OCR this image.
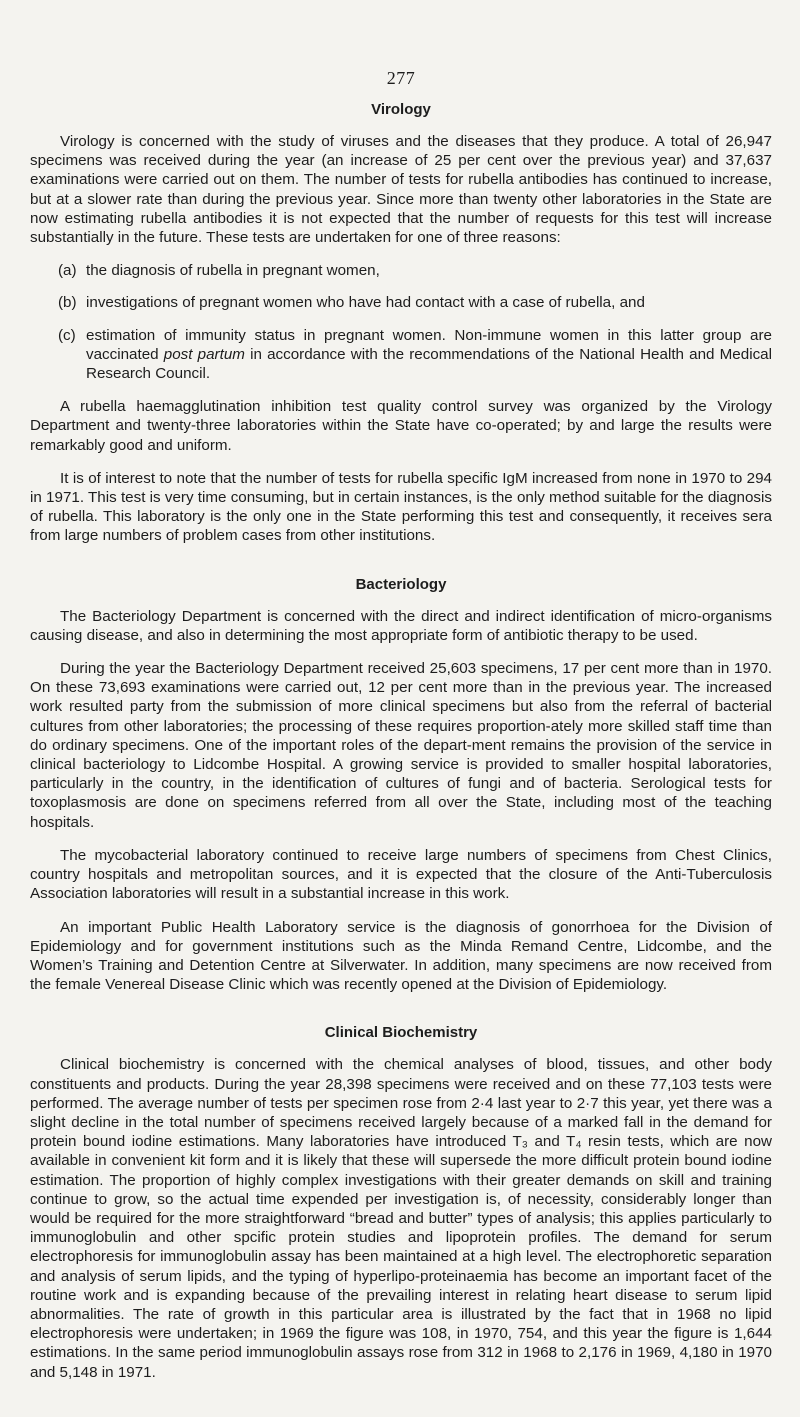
277
Virology

Virology is concerned with the study of viruses and the diseases that they produce. A total of 26,947 specimens was received during the year (an increase of 25 per cent over the previous year) and 37,637 examinations were carried out on them. The number of tests for rubella antibodies has continued to increase, but at a slower rate than during the previous year. Since more than twenty other laboratories in the State are now estimating rubella antibodies it is not expected that the number of requests for this test will increase substantially in the future. These tests are undertaken for one of three reasons:

(a) the diagnosis of rubella in pregnant women,
(b) investigations of pregnant women who have had contact with a case of rubella, and
(c) estimation of immunity status in pregnant women. Non-immune women in this latter group are vaccinated post partum in accordance with the recommendations of the National Health and Medical Research Council.

A rubella haemagglutination inhibition test quality control survey was organized by the Virology Department and twenty-three laboratories within the State have co-operated; by and large the results were remarkably good and uniform.

It is of interest to note that the number of tests for rubella specific IgM increased from none in 1970 to 294 in 1971. This test is very time consuming, but in certain instances, is the only method suitable for the diagnosis of rubella. This laboratory is the only one in the State performing this test and consequently, it receives sera from large numbers of problem cases from other institutions.

Bacteriology

The Bacteriology Department is concerned with the direct and indirect identification of micro-organisms causing disease, and also in determining the most appropriate form of antibiotic therapy to be used.

During the year the Bacteriology Department received 25,603 specimens, 17 per cent more than in 1970. On these 73,693 examinations were carried out, 12 per cent more than in the previous year. The increased work resulted party from the submission of more clinical specimens but also from the referral of bacterial cultures from other laboratories; the processing of these requires proportion-ately more skilled staff time than do ordinary specimens. One of the important roles of the depart-ment remains the provision of the service in clinical bacteriology to Lidcombe Hospital. A growing service is provided to smaller hospital laboratories, particularly in the country, in the identification of cultures of fungi and of bacteria. Serological tests for toxoplasmosis are done on specimens referred from all over the State, including most of the teaching hospitals.

The mycobacterial laboratory continued to receive large numbers of specimens from Chest Clinics, country hospitals and metropolitan sources, and it is expected that the closure of the Anti-Tuberculosis Association laboratories will result in a substantial increase in this work.

An important Public Health Laboratory service is the diagnosis of gonorrhoea for the Division of Epidemiology and for government institutions such as the Minda Remand Centre, Lidcombe, and the Women’s Training and Detention Centre at Silverwater. In addition, many specimens are now received from the female Venereal Disease Clinic which was recently opened at the Division of Epidemiology.

Clinical Biochemistry

Clinical biochemistry is concerned with the chemical analyses of blood, tissues, and other body constituents and products. During the year 28,398 specimens were received and on these 77,103 tests were performed. The average number of tests per specimen rose from 2·4 last year to 2·7 this year, yet there was a slight decline in the total number of specimens received largely because of a marked fall in the demand for protein bound iodine estimations. Many laboratories have introduced T₃ and T₄ resin tests, which are now available in convenient kit form and it is likely that these will supersede the more difficult protein bound iodine estimation. The proportion of highly complex investigations with their greater demands on skill and training continue to grow, so the actual time expended per investigation is, of necessity, considerably longer than would be required for the more straightforward “bread and butter” types of analysis; this applies particularly to immunoglobulin and other spcific protein studies and lipoprotein profiles. The demand for serum electrophoresis for immunoglobulin assay has been maintained at a high level. The electrophoretic separation and analysis of serum lipids, and the typing of hyperlipo-proteinaemia has become an important facet of the routine work and is expanding because of the prevailing interest in relating heart disease to serum lipid abnormalities. The rate of growth in this particular area is illustrated by the fact that in 1968 no lipid electrophoresis were undertaken; in 1969 the figure was 108, in 1970, 754, and this year the figure is 1,644 estimations. In the same period immunoglobulin assays rose from 312 in 1968 to 2,176 in 1969, 4,180 in 1970 and 5,148 in 1971.
